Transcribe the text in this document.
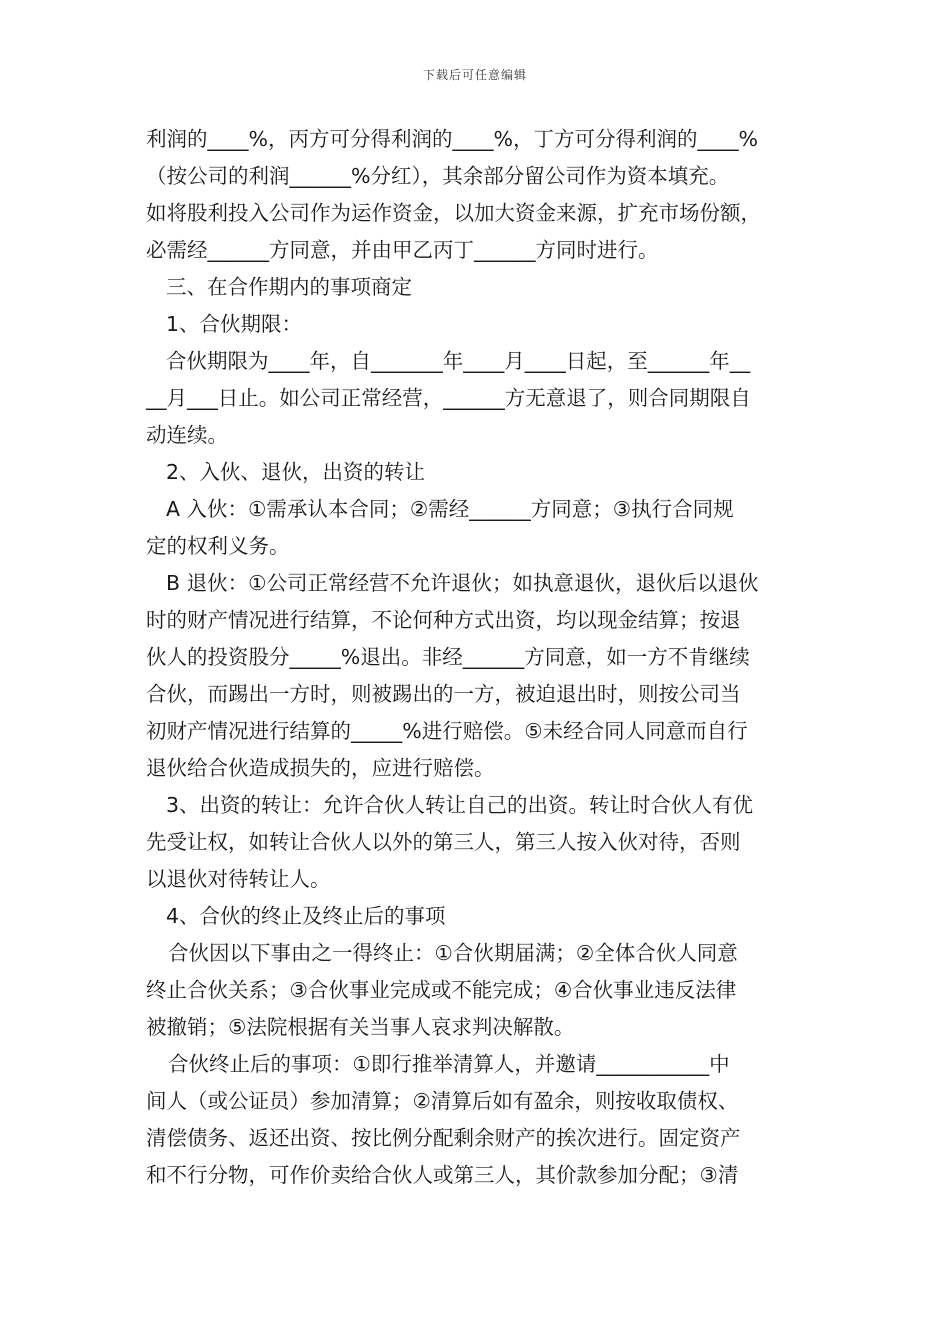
下载后可任意编辑
利润的____%，丙方可分得利润的____%，丁方可分得利润的____%
（按公司的利润______%分红），其余部分留公司作为资本填充。
如将股利投入公司作为运作资金，以加大资金来源，扩充市场份额，
必需经______方同意，并由甲乙丙丁______方同时进行。
三、在合作期内的事项商定
1、合伙期限：
合伙期限为____年，自_______年____月____日起，至______年__
__月___日止。如公司正常经营，______方无意退了，则合同期限自
动连续。
2、入伙、退伙，出资的转让
A 入伙：①需承认本合同；②需经______方同意；③执行合同规
定的权利义务。
B 退伙：①公司正常经营不允许退伙；如执意退伙，退伙后以退伙
时的财产情况进行结算，不论何种方式出资，均以现金结算；按退
伙人的投资股分_____%退出。非经______方同意，如一方不肯继续
合伙，而踢出一方时，则被踢出的一方，被迫退出时，则按公司当
初财产情况进行结算的_____%进行赔偿。⑤未经合同人同意而自行
退伙给合伙造成损失的，应进行赔偿。
3、出资的转让：允许合伙人转让自己的出资。转让时合伙人有优
先受让权，如转让合伙人以外的第三人，第三人按入伙对待，否则
以退伙对待转让人。
4、合伙的终止及终止后的事项
合伙因以下事由之一得终止：①合伙期届满；②全体合伙人同意
终止合伙关系；③合伙事业完成或不能完成；④合伙事业违反法律
被撤销；⑤法院根据有关当事人哀求判决解散。
合伙终止后的事项：①即行推举清算人，并邀请___________中
间人（或公证员）参加清算；②清算后如有盈余，则按收取债权、
清偿债务、返还出资、按比例分配剩余财产的挨次进行。固定资产
和不行分物，可作价卖给合伙人或第三人，其价款参加分配；③清
